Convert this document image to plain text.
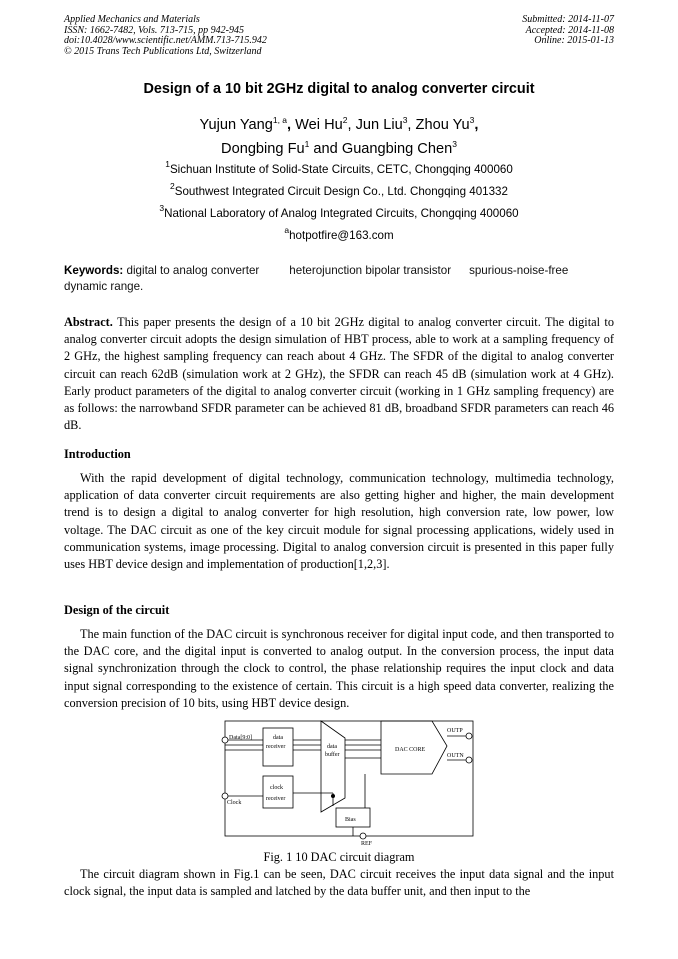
Applied Mechanics and Materials
ISSN: 1662-7482, Vols. 713-715, pp 942-945
doi:10.4028/www.scientific.net/AMM.713-715.942
© 2015 Trans Tech Publications Ltd, Switzerland
Submitted: 2014-11-07
Accepted: 2014-11-08
Online: 2015-01-13
Design of a 10 bit 2GHz digital to analog converter circuit
Yujun Yang$^{1, a}$, Wei Hu$^2$, Jun Liu$^3$, Zhou Yu$^3$,
Dongbing Fu$^1$ and Guangbing Chen$^3$
$^1$Sichuan Institute of Solid-State Circuits, CETC, Chongqing 400060
$^2$Southwest Integrated Circuit Design Co., Ltd. Chongqing 401332
$^3$National Laboratory of Analog Integrated Circuits, Chongqing 400060
$^a$hotpotfire@163.com
Keywords: digital to analog converter	heterojunction bipolar transistor spurious-noise-free dynamic range.
Abstract. This paper presents the design of a 10 bit 2GHz digital to analog converter circuit. The digital to analog converter circuit adopts the design simulation of HBT process, able to work at a sampling frequency of 2 GHz, the highest sampling frequency can reach about 4 GHz. The SFDR of the digital to analog converter circuit can reach 62dB (simulation work at 2 GHz), the SFDR can reach 45 dB (simulation work at 4 GHz). Early product parameters of the digital to analog converter circuit (working in 1 GHz sampling frequency) are as follows: the narrowband SFDR parameter can be achieved 81 dB, broadband SFDR parameters can reach 46 dB.
Introduction
With the rapid development of digital technology, communication technology, multimedia technology, application of data converter circuit requirements are also getting higher and higher, the main development trend is to design a digital to analog converter for high resolution, high conversion rate, low power, low voltage. The DAC circuit as one of the key circuit module for signal processing applications, widely used in communication systems, image processing. Digital to analog conversion circuit is presented in this paper fully uses HBT device design and implementation of production[1,2,3].
Design of the circuit
The main function of the DAC circuit is synchronous receiver for digital input code, and then transported to the DAC core, and the digital input is converted to analog output. In the conversion process, the input data signal synchronization through the clock to control, the phase relationship requires the input clock and data input signal corresponding to the existence of certain. This circuit is a high speed data converter, realizing the conversion precision of 10 bits, using HBT device design.
Data[9:0]
Clock
data
receiver
clock
receiver
data
buffer
DAC CORE
Bias
REF
OUTP
OUTN
Fig. 1 10 DAC circuit diagram
The circuit diagram shown in Fig.1 can be seen, DAC circuit receives the input data signal and the input clock signal, the input data is sampled and latched by the data buffer unit, and then input to the
